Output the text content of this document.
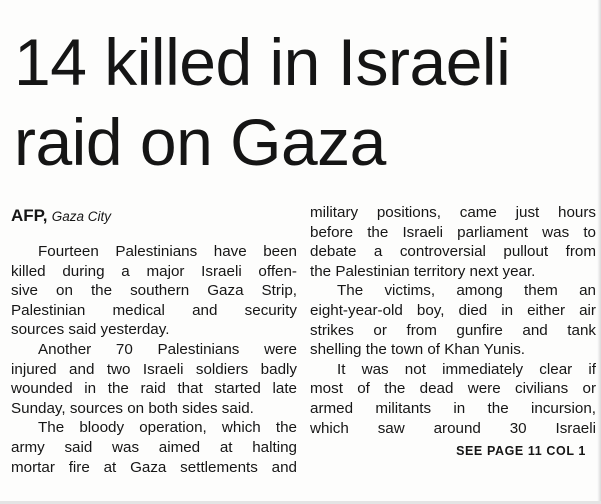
14 killed in Israeli
raid on Gaza
AFP, Gaza City
Fourteen Palestinians have been
killed during a major Israeli offen-
sive on the southern Gaza Strip,
Palestinian medical and security
sources said yesterday.
Another 70 Palestinians were
injured and two Israeli soldiers badly
wounded in the raid that started late
Sunday, sources on both sides said.
The bloody operation, which the
army said was aimed at halting
mortar fire at Gaza settlements and
military positions, came just hours
before the Israeli parliament was to
debate a controversial pullout from
the Palestinian territory next year.
The victims, among them an
eight-year-old boy, died in either air
strikes or from gunfire and tank
shelling the town of Khan Yunis.
It was not immediately clear if
most of the dead were civilians or
armed militants in the incursion,
which saw around 30 Israeli
SEE PAGE 11 COL 1
